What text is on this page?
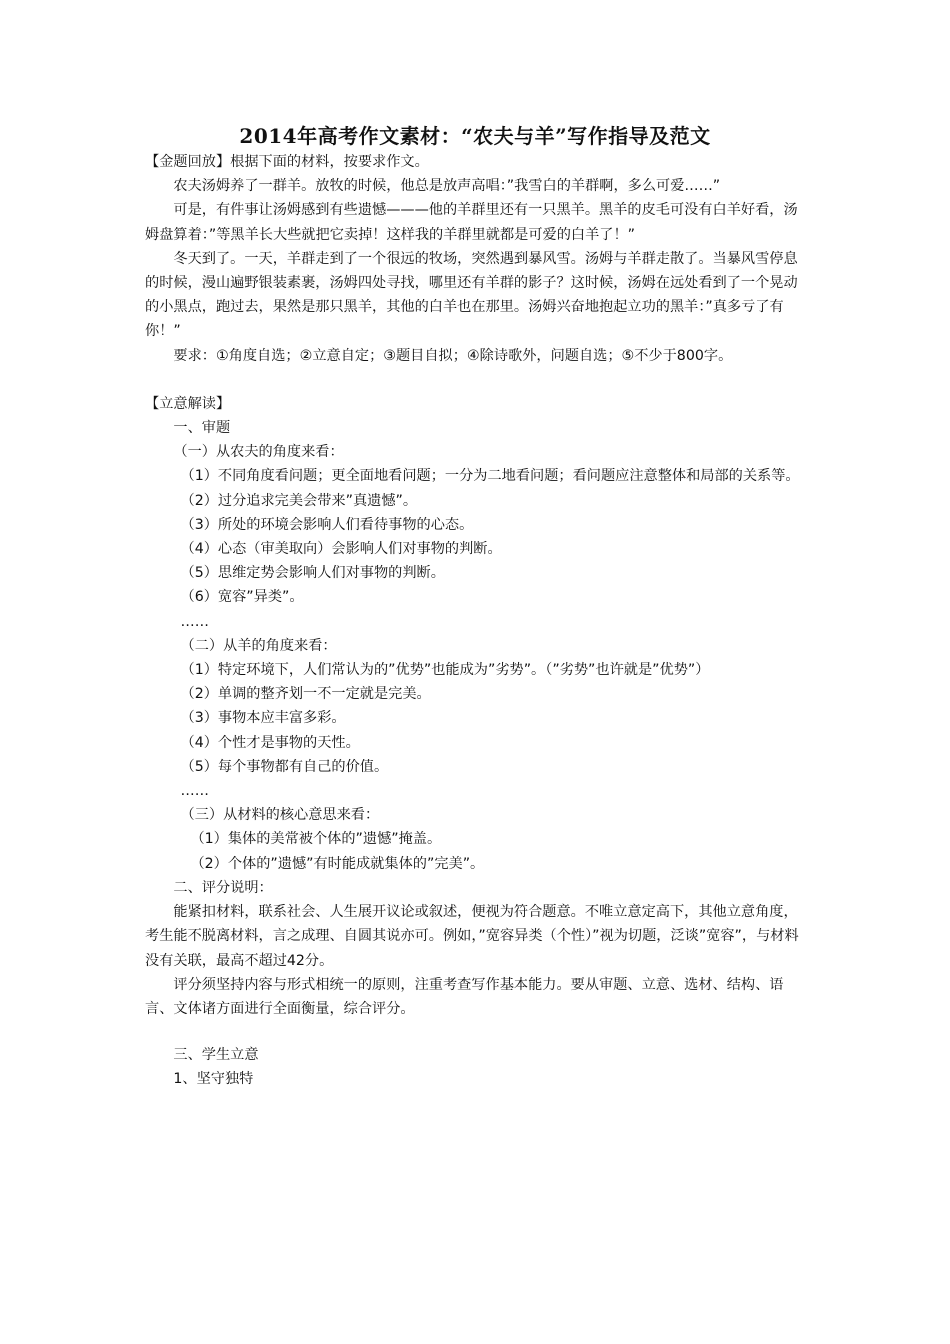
2014年高考作文素材：“农夫与羊”写作指导及范文

【金题回放】根据下面的材料，按要求作文。

农夫汤姆养了一群羊。放牧的时候，他总是放声高唱：”我雪白的羊群啊，多么可爱……”

可是，有件事让汤姆感到有些遗憾———他的羊群里还有一只黑羊。黑羊的皮毛可没有白羊好看，汤姆盘算着：”等黑羊长大些就把它卖掉！这样我的羊群里就都是可爱的白羊了！”

冬天到了。一天，羊群走到了一个很远的牧场，突然遇到暴风雪。汤姆与羊群走散了。当暴风雪停息的时候，漫山遍野银装素裹，汤姆四处寻找，哪里还有羊群的影子？这时候，汤姆在远处看到了一个晃动的小黑点，跑过去，果然是那只黑羊，其他的白羊也在那里。汤姆兴奋地抱起立功的黑羊：”真多亏了有你！”

要求：①角度自选；②立意自定；③题目自拟；④除诗歌外，问题自选；⑤不少于800字。

【立意解读】

一、审题

（一）从农夫的角度来看：

（1）不同角度看问题；更全面地看问题；一分为二地看问题；看问题应注意整体和局部的关系等。

（2）过分追求完美会带来”真遗憾”。

（3）所处的环境会影响人们看待事物的心态。

（4）心态（审美取向）会影响人们对事物的判断。

（5）思维定势会影响人们对事物的判断。

（6）宽容”异类”。

……

（二）从羊的角度来看：

（1）特定环境下，人们常认为的”优势”也能成为”劣势”。（”劣势”也许就是”优势”）

（2）单调的整齐划一不一定就是完美。

（3）事物本应丰富多彩。

（4）个性才是事物的天性。

（5）每个事物都有自己的价值。

……

（三）从材料的核心意思来看：

（1）集体的美常被个体的”遗憾”掩盖。

（2）个体的”遗憾”有时能成就集体的”完美”。

二、评分说明：

能紧扣材料，联系社会、人生展开议论或叙述，便视为符合题意。不唯立意定高下，其他立意角度，考生能不脱离材料，言之成理、自圆其说亦可。例如，”宽容异类（个性）”视为切题，泛谈”宽容”，与材料没有关联，最高不超过42分。

评分须坚持内容与形式相统一的原则，注重考查写作基本能力。要从审题、立意、选材、结构、语言、文体诸方面进行全面衡量，综合评分。

三、学生立意

1、坚守独特
